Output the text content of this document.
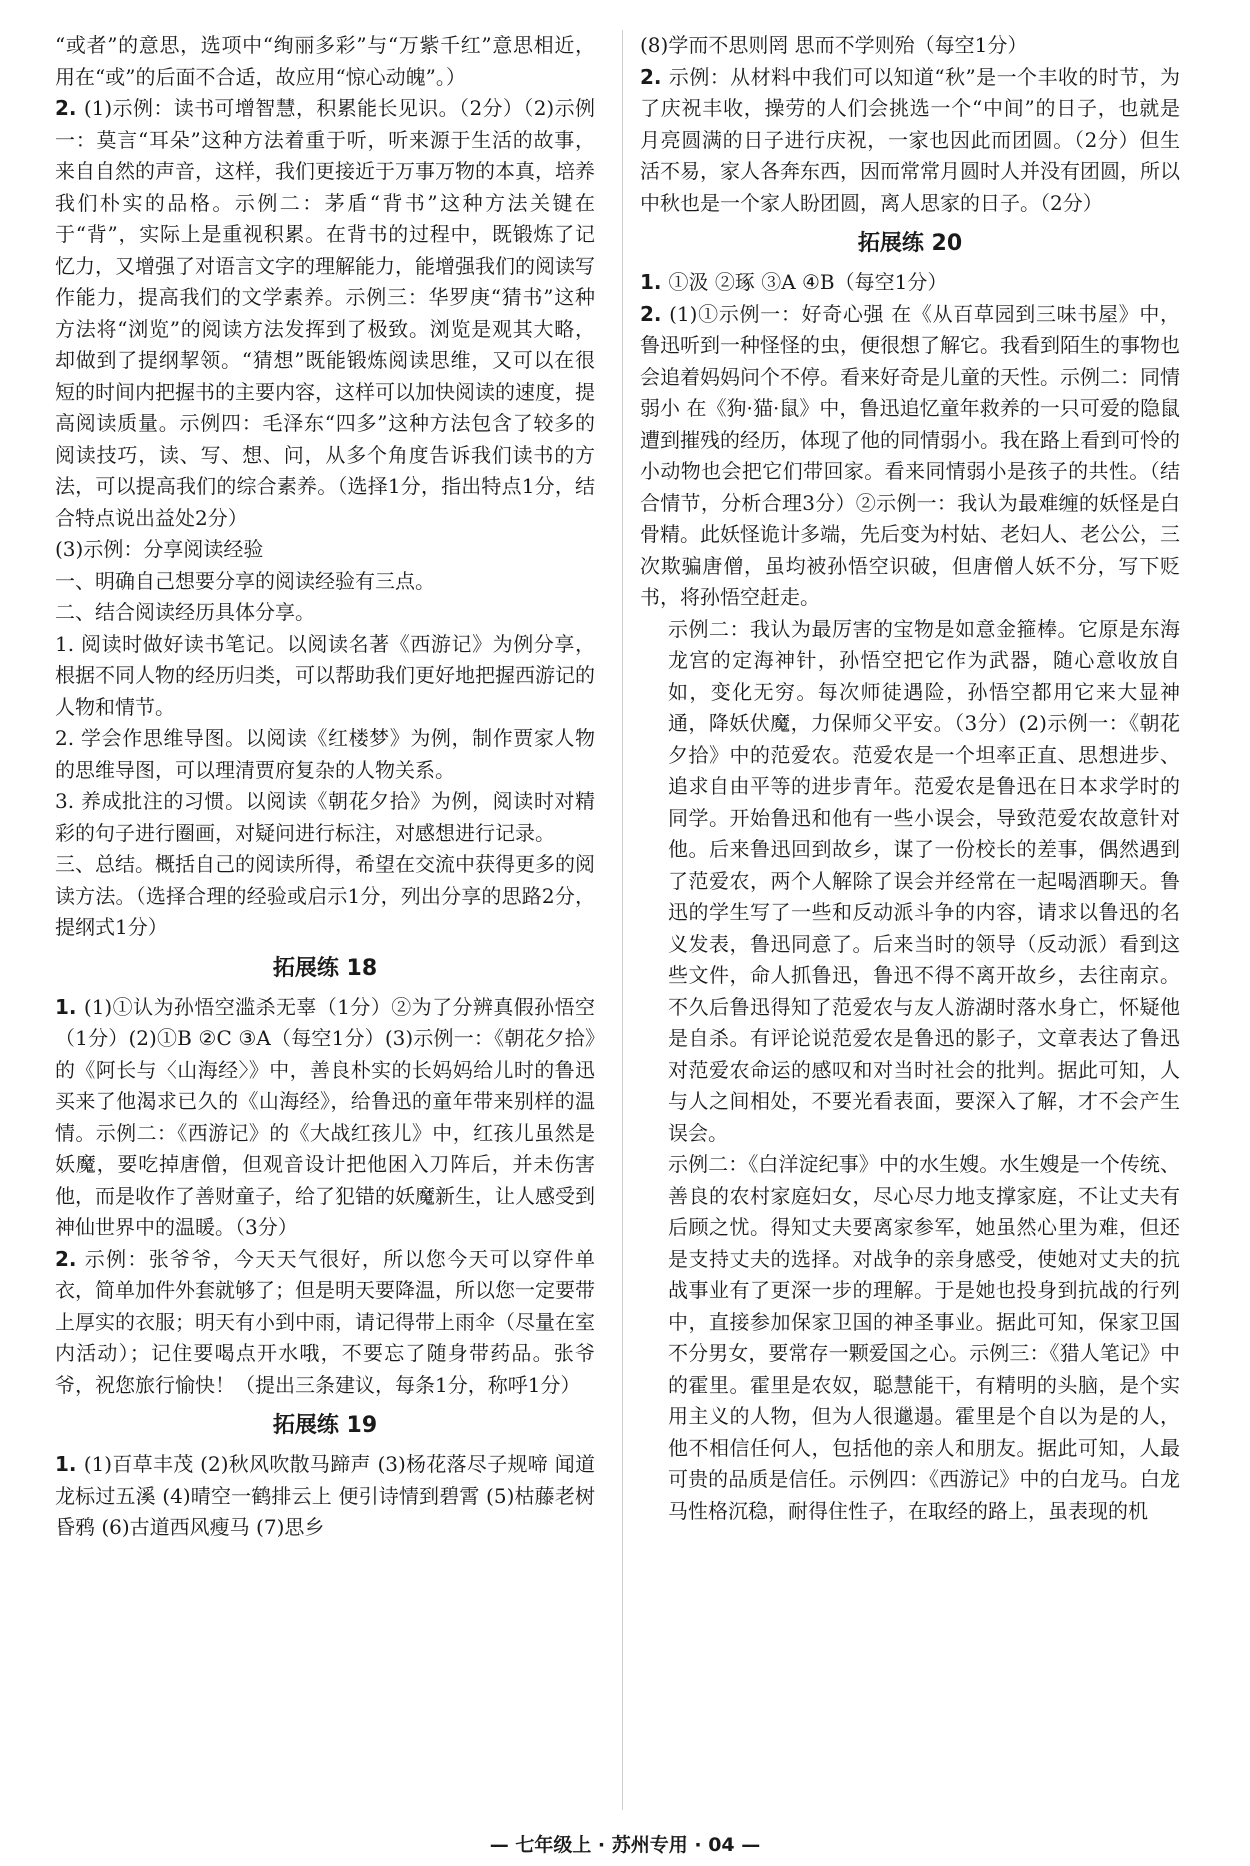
“或者”的意思，选项中“绚丽多彩”与“万紫千红”意思相近，用在“或”的后面不合适，故应用“惊心动魄”。）

2. (1)示例：读书可增智慧，积累能长见识。（2分）（2)示例一：莫言“耳朵”这种方法着重于听，听来源于生活的故事，来自自然的声音，这样，我们更接近于万事万物的本真，培养我们朴实的品格。示例二：茅盾“背书”这种方法关键在于“背”，实际上是重视积累。在背书的过程中，既锻炼了记忆力，又增强了对语言文字的理解能力，能增强我们的阅读写作能力，提高我们的文学素养。示例三：华罗庚“猜书”这种方法将“浏览”的阅读方法发挥到了极致。浏览是观其大略，却做到了提纲挈领。“猜想”既能锻炼阅读思维，又可以在很短的时间内把握书的主要内容，这样可以加快阅读的速度，提高阅读质量。示例四：毛泽东“四多”这种方法包含了较多的阅读技巧，读、写、想、问，从多个角度告诉我们读书的方法，可以提高我们的综合素养。（选择1分，指出特点1分，结合特点说出益处2分）

(3)示例：分享阅读经验

一、明确自己想要分享的阅读经验有三点。

二、结合阅读经历具体分享。

1. 阅读时做好读书笔记。以阅读名著《西游记》为例分享，根据不同人物的经历归类，可以帮助我们更好地把握西游记的人物和情节。

2. 学会作思维导图。以阅读《红楼梦》为例，制作贾家人物的思维导图，可以理清贾府复杂的人物关系。

3. 养成批注的习惯。以阅读《朝花夕拾》为例，阅读时对精彩的句子进行圈画，对疑问进行标注，对感想进行记录。

三、总结。概括自己的阅读所得，希望在交流中获得更多的阅读方法。（选择合理的经验或启示1分，列出分享的思路2分，提纲式1分）

拓展练 18

1. (1)①认为孙悟空滥杀无辜（1分）②为了分辨真假孙悟空（1分）(2)①B ②C ③A（每空1分）(3)示例一：《朝花夕拾》的《阿长与〈山海经〉》中，善良朴实的长妈妈给儿时的鲁迅买来了他渴求已久的《山海经》，给鲁迅的童年带来别样的温情。示例二：《西游记》的《大战红孩儿》中，红孩儿虽然是妖魔，要吃掉唐僧，但观音设计把他困入刀阵后，并未伤害他，而是收作了善财童子，给了犯错的妖魔新生，让人感受到神仙世界中的温暖。（3分）

2. 示例：张爷爷，今天天气很好，所以您今天可以穿件单衣，简单加件外套就够了；但是明天要降温，所以您一定要带上厚实的衣服；明天有小到中雨，请记得带上雨伞（尽量在室内活动）；记住要喝点开水哦，不要忘了随身带药品。张爷爷，祝您旅行愉快！（提出三条建议，每条1分，称呼1分）

拓展练 19

1. (1)百草丰茂 (2)秋风吹散马蹄声 (3)杨花落尽子规啼 闻道龙标过五溪 (4)晴空一鹤排云上 便引诗情到碧霄 (5)枯藤老树昏鸦 (6)古道西风瘦马 (7)思乡

(8)学而不思则罔 思而不学则殆（每空1分）

2. 示例：从材料中我们可以知道“秋”是一个丰收的时节，为了庆祝丰收，操劳的人们会挑选一个“中间”的日子，也就是月亮圆满的日子进行庆祝，一家也因此而团圆。（2分）但生活不易，家人各奔东西，因而常常月圆时人并没有团圆，所以中秋也是一个家人盼团圆，离人思家的日子。（2分）

拓展练 20

1. ①汲 ②琢 ③A ④B（每空1分）

2. (1)①示例一：好奇心强 在《从百草园到三味书屋》中，鲁迅听到一种怪怪的虫，便很想了解它。我看到陌生的事物也会追着妈妈问个不停。看来好奇是儿童的天性。示例二：同情弱小 在《狗·猫·鼠》中，鲁迅追忆童年救养的一只可爱的隐鼠遭到摧残的经历，体现了他的同情弱小。我在路上看到可怜的小动物也会把它们带回家。看来同情弱小是孩子的共性。（结合情节，分析合理3分）②示例一：我认为最难缠的妖怪是白骨精。此妖怪诡计多端，先后变为村姑、老妇人、老公公，三次欺骗唐僧，虽均被孙悟空识破，但唐僧人妖不分，写下贬书，将孙悟空赶走。

示例二：我认为最厉害的宝物是如意金箍棒。它原是东海龙宫的定海神针，孙悟空把它作为武器，随心意收放自如，变化无穷。每次师徒遇险，孙悟空都用它来大显神通，降妖伏魔，力保师父平安。（3分）(2)示例一：《朝花夕拾》中的范爱农。范爱农是一个坦率正直、思想进步、追求自由平等的进步青年。范爱农是鲁迅在日本求学时的同学。开始鲁迅和他有一些小误会，导致范爱农故意针对他。后来鲁迅回到故乡，谋了一份校长的差事，偶然遇到了范爱农，两个人解除了误会并经常在一起喝酒聊天。鲁迅的学生写了一些和反动派斗争的内容，请求以鲁迅的名义发表，鲁迅同意了。后来当时的领导（反动派）看到这些文件，命人抓鲁迅，鲁迅不得不离开故乡，去往南京。不久后鲁迅得知了范爱农与友人游湖时落水身亡，怀疑他是自杀。有评论说范爱农是鲁迅的影子，文章表达了鲁迅对范爱农命运的感叹和对当时社会的批判。据此可知，人与人之间相处，不要光看表面，要深入了解，才不会产生误会。

示例二：《白洋淀纪事》中的水生嫂。水生嫂是一个传统、善良的农村家庭妇女，尽心尽力地支撑家庭，不让丈夫有后顾之忧。得知丈夫要离家参军，她虽然心里为难，但还是支持丈夫的选择。对战争的亲身感受，使她对丈夫的抗战事业有了更深一步的理解。于是她也投身到抗战的行列中，直接参加保家卫国的神圣事业。据此可知，保家卫国不分男女，要常存一颗爱国之心。示例三：《猎人笔记》中的霍里。霍里是农奴，聪慧能干，有精明的头脑，是个实用主义的人物，但为人很邋遢。霍里是个自以为是的人，他不相信任何人，包括他的亲人和朋友。据此可知，人最可贵的品质是信任。示例四：《西游记》中的白龙马。白龙马性格沉稳，耐得住性子，在取经的路上，虽表现的机

— 七年级上 · 苏州专用 · 04 —
